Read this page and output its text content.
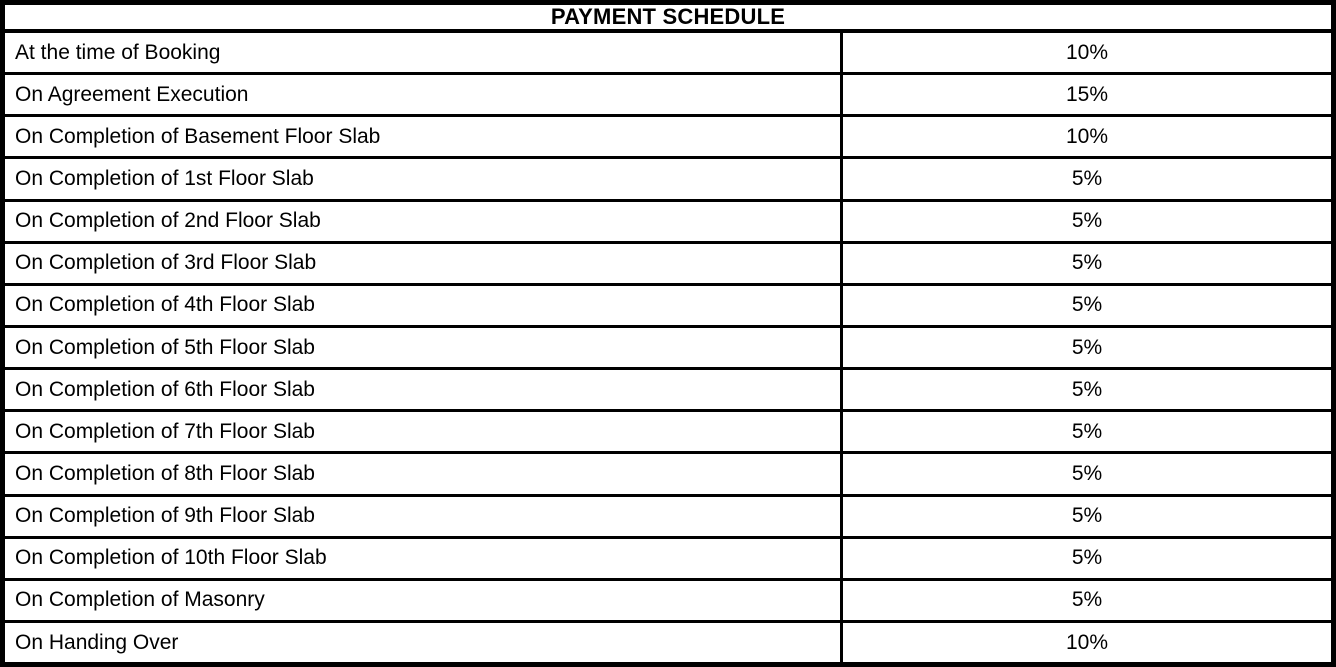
PAYMENT SCHEDULE
At the time of Booking	10%
On Agreement Execution	15%
On Completion of Basement Floor Slab	10%
On Completion of 1st Floor Slab	5%
On Completion of 2nd Floor Slab	5%
On Completion of 3rd Floor Slab	5%
On Completion of 4th Floor Slab	5%
On Completion of 5th Floor Slab	5%
On Completion of 6th Floor Slab	5%
On Completion of 7th Floor Slab	5%
On Completion of 8th Floor Slab	5%
On Completion of 9th Floor Slab	5%
On Completion of 10th Floor Slab	5%
On Completion of Masonry	5%
On Handing Over	10%
